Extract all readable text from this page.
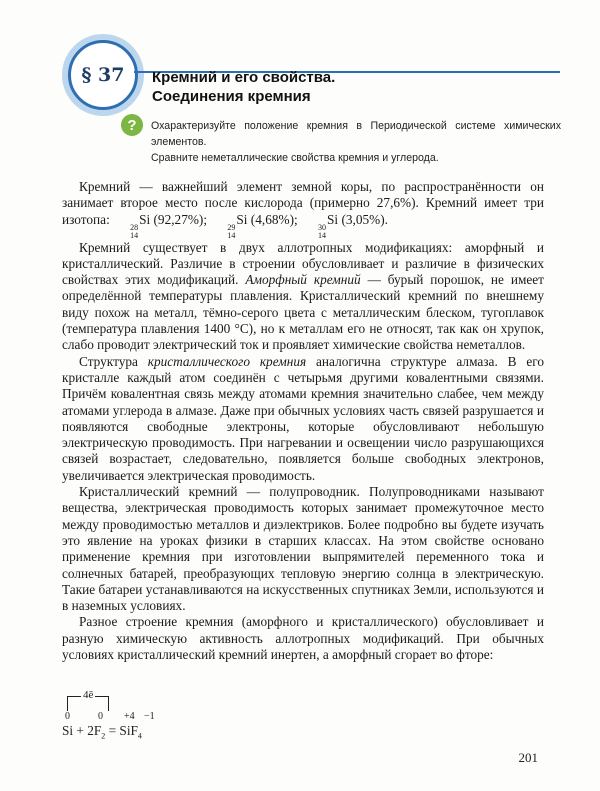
§ 37 Кремний и его свойства.
Соединения кремния
? Охарактеризуйте положение кремния в Периодической системе химических элементов.

Сравните неметаллические свойства кремния и углерода.

Кремний — важнейший элемент земной коры, по распространённости он занимает второе место после кислорода (примерно 27,6%). Кремний имеет три изотопа:
28
14
Si (92,27%);
29
14
Si (4,68%);
30
14
Si (3,05%).

Кремний существует в двух аллотропных модификациях: аморфный и кристаллический. Различие в строении обусловливает и различие в физических свойствах этих модификаций. Аморфный кремний — бурый порошок, не имеет определённой температуры плавления. Кристаллический кремний по внешнему виду похож на металл, тёмно-серого цвета с металлическим блеском, тугоплавок (температура плавления 1400 °С), но к металлам его не относят, так как он хрупок, слабо проводит электрический ток и проявляет химические свойства неметаллов.

Структура кристаллического кремния аналогична структуре алмаза. В его кристалле каждый атом соединён с четырьмя другими ковалентными связями. Причём ковалентная связь между атомами кремния значительно слабее, чем между атомами углерода в алмазе. Даже при обычных условиях часть связей разрушается и появляются свободные электроны, которые обусловливают небольшую электрическую проводимость. При нагревании и освещении число разрушающихся связей возрастает, следовательно, появляется больше свободных электронов, увеличивается электрическая проводимость.

Кристаллический кремний — полупроводник. Полупроводниками называют вещества, электрическая проводимость которых занимает промежуточное место между проводимостью металлов и диэлектриков. Более подробно вы будете изучать это явление на уроках физики в старших классах. На этом свойстве основано применение кремния при изготовлении выпрямителей переменного тока и солнечных батарей, преобразующих тепловую энергию солнца в электрическую. Такие батареи устанавливаются на искусственных спутниках Земли, используются и в наземных условиях.

Разное строение кремния (аморфного и кристаллического) обусловливает и разную химическую активность аллотропных модификаций. При обычных условиях кристаллический кремний инертен, а аморфный сгорает во фторе:

4ē
0	0 +4 −1
$Si + 2F_2 = SiF_4$
201
